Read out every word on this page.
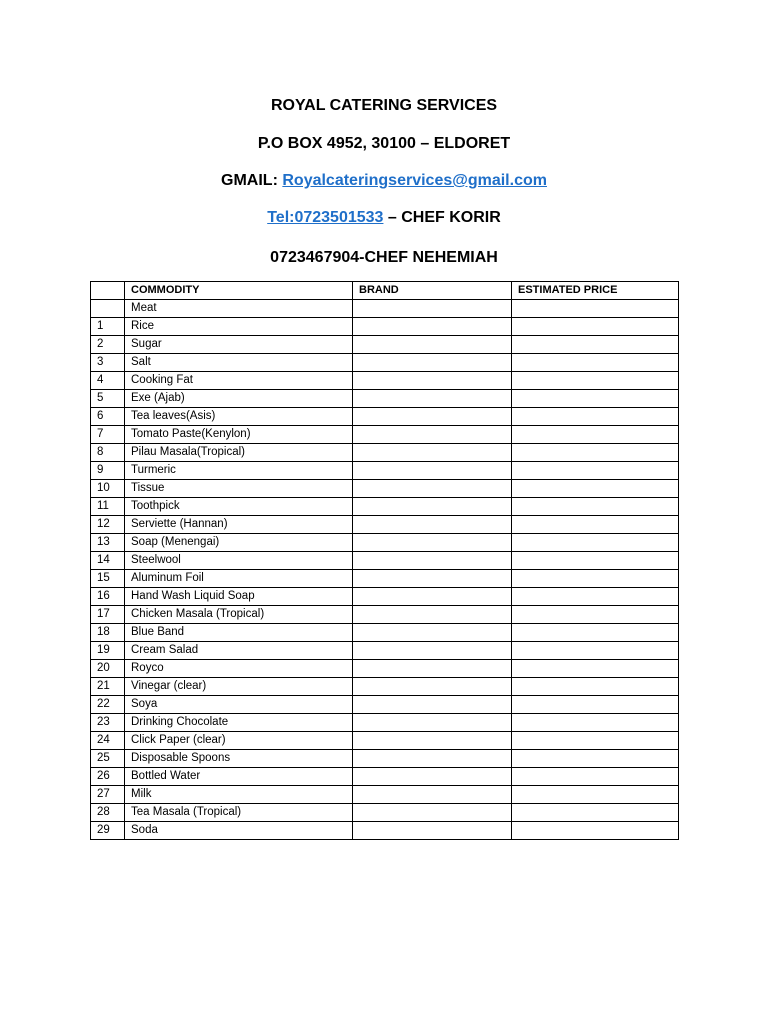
ROYAL CATERING SERVICES
P.O BOX 4952, 30100 – ELDORET
GMAIL: Royalcateringservices@gmail.com
Tel:0723501533 – CHEF KORIR
0723467904-CHEF NEHEMIAH
	COMMODITY	BRAND	ESTIMATED PRICE
	Meat		
1	Rice		
2	Sugar		
3	Salt		
4	Cooking Fat		
5	Exe (Ajab)		
6	Tea leaves(Asis)		
7	Tomato Paste(Kenylon)		
8	Pilau Masala(Tropical)		
9	Turmeric		
10	Tissue		
11	Toothpick		
12	Serviette (Hannan)		
13	Soap (Menengai)		
14	Steelwool		
15	Aluminum Foil		
16	Hand Wash Liquid Soap		
17	Chicken Masala (Tropical)		
18	Blue Band		
19	Cream Salad		
20	Royco		
21	Vinegar (clear)		
22	Soya		
23	Drinking Chocolate		
24	Click Paper (clear)		
25	Disposable Spoons		
26	Bottled Water		
27	Milk		
28	Tea Masala (Tropical)		
29	Soda		
